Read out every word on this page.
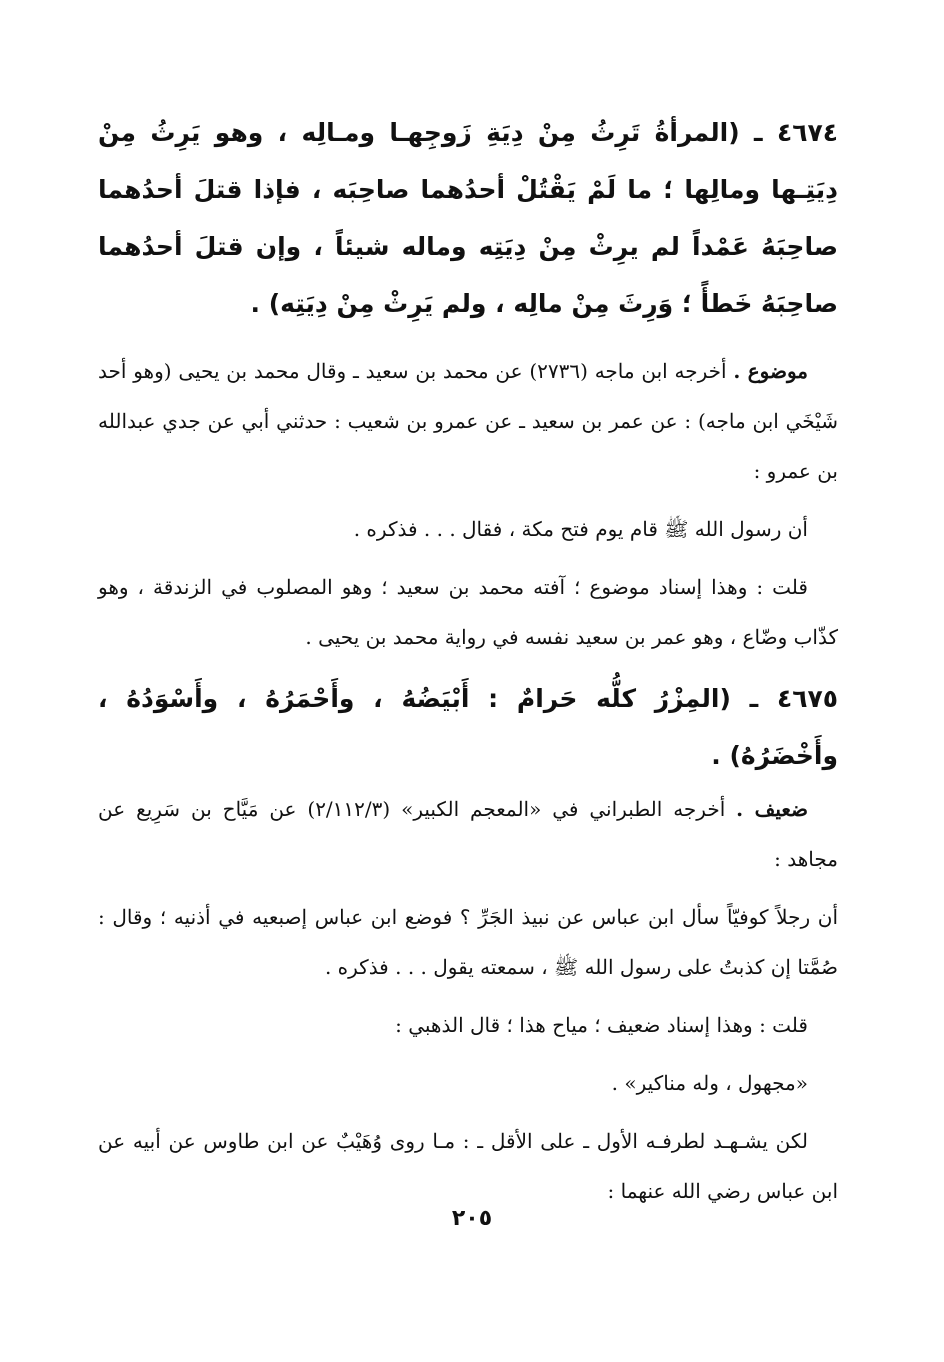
٤٦٧٤ ـ (المرأةُ تَرِثُ مِنْ دِيَةِ زَوجِهـا ومـالِه ، وهو يَرِثُ مِنْ دِيَتِـها ومالِها ؛ ما لَمْ يَقْتُلْ أحدُهما صاحِبَه ، فإذا قتلَ أحدُهما صاحِبَهُ عَمْداً لم يرِثْ مِنْ دِيَتِه وماله شيئاً ، وإن قتلَ أحدُهما صاحِبَهُ خَطأً ؛ وَرِثَ مِنْ مالِه ، ولم يَرِثْ مِنْ دِيَتِه) .

موضوع . أخرجه ابن ماجه (٢٧٣٦) عن محمد بن سعيد ـ وقال محمد بن يحيى (وهو أحد شَيْخَي ابن ماجه) : عن عمر بن سعيد ـ عن عمرو بن شعيب : حدثني أبي عن جدي عبدالله بن عمرو :

أن رسول الله ﷺ قام يوم فتح مكة ، فقال . . . فذكره .

قلت : وهذا إسناد موضوع ؛ آفته محمد بن سعيد ؛ وهو المصلوب في الزندقة ، وهو كذّاب وضّاع ، وهو عمر بن سعيد نفسه في رواية محمد بن يحيى .

٤٦٧٥ ـ (المِزْرُ كلُّه حَرامٌ : أَبْيَضُهُ ، وأَحْمَرُهُ ، وأَسْوَدُهُ ، وأَخْضَرُهُ) .

ضعيف . أخرجه الطبراني في «المعجم الكبير» (٢/١١٢/٣) عن مَيَّاح بن سَرِيع عن مجاهد :

أن رجلاً كوفيّاً سأل ابن عباس عن نبيذ الجَرِّ ؟ فوضع ابن عباس إصبعيه في أذنيه ؛ وقال : صُمَّتا إن كذبتُ على رسول الله ﷺ ، سمعته يقول . . . فذكره .

قلت : وهذا إسناد ضعيف ؛ مياح هذا ؛ قال الذهبي :

«مجهول ، وله مناكير» .

لكن يشـهـد لطرفـه الأول ـ على الأقل ـ : مـا روى وُهَيْبٌ عن ابن طاوس عن أبيه عن ابن عباس رضي الله عنهما :

٢٠٥
